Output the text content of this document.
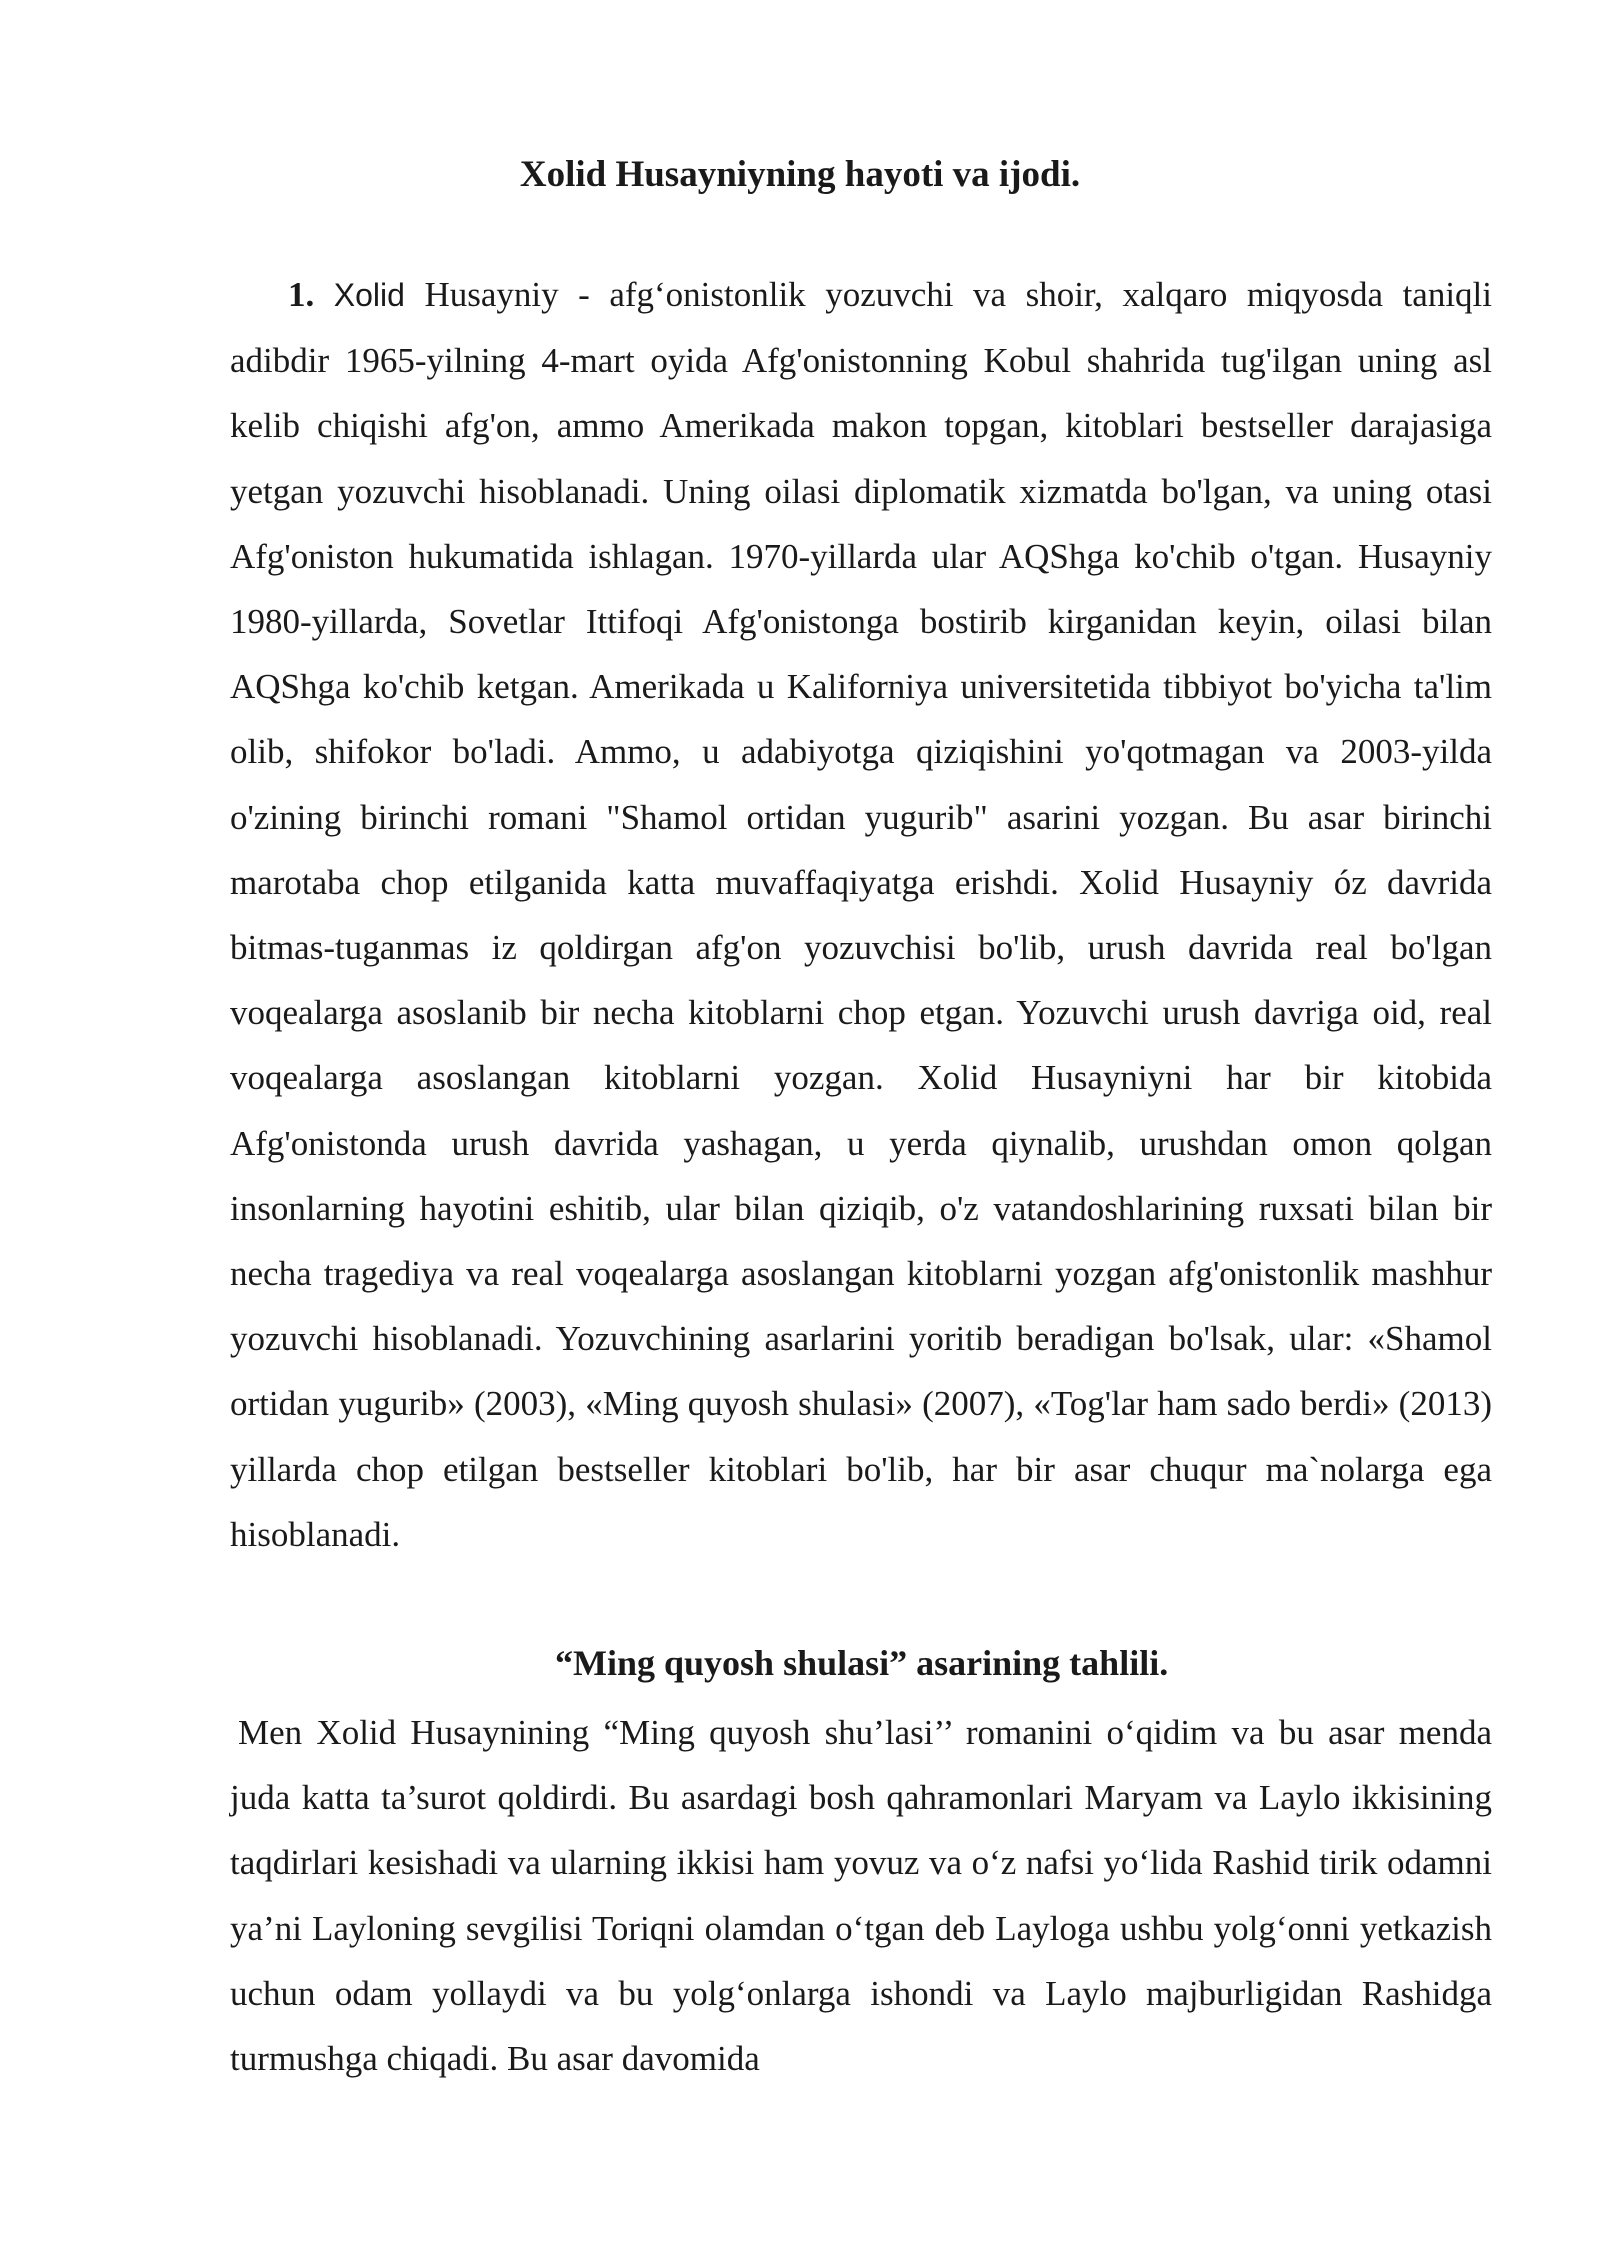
Xolid Husayniyning hayoti va ijodi.

1. Xolid Husayniy - afg‘onistonlik yozuvchi va shoir, xalqaro miqyosda taniqli adibdir 1965-yilning 4-mart oyida Afg'onistonning Kobul shahrida tug'ilgan uning asl kelib chiqishi afg'on, ammo Amerikada makon topgan, kitoblari bestseller darajasiga yetgan yozuvchi hisoblanadi. Uning oilasi diplomatik xizmatda bo'lgan, va uning otasi Afg'oniston hukumatida ishlagan. 1970-yillarda ular AQShga ko'chib o'tgan. Husayniy 1980-yillarda, Sovetlar Ittifoqi Afg'onistonga bostirib kirganidan keyin, oilasi bilan AQShga ko'chib ketgan. Amerikada u Kaliforniya universitetida tibbiyot bo'yicha ta'lim olib, shifokor bo'ladi. Ammo, u adabiyotga qiziqishini yo'qotmagan va 2003-yilda o'zining birinchi romani "Shamol ortidan yugurib" asarini yozgan. Bu asar birinchi marotaba chop etilganida katta muvaffaqiyatga erishdi. Xolid Husayniy óz davrida bitmas-tuganmas iz qoldirgan afg'on yozuvchisi bo'lib, urush davrida real bo'lgan voqealarga asoslanib bir necha kitoblarni chop etgan. Yozuvchi urush davriga oid, real voqealarga asoslangan kitoblarni yozgan. Xolid Husayniyni har bir kitobida Afg'onistonda urush davrida yashagan, u yerda qiynalib, urushdan omon qolgan insonlarning hayotini eshitib, ular bilan qiziqib, o'z vatandoshlarining ruxsati bilan bir necha tragediya va real voqealarga asoslangan kitoblarni yozgan afg'onistonlik mashhur yozuvchi hisoblanadi. Yozuvchining asarlarini yoritib beradigan bo'lsak, ular: «Shamol ortidan yugurib» (2003), «Ming quyosh shulasi» (2007), «Tog'lar ham sado berdi» (2013) yillarda chop etilgan bestseller kitoblari bo'lib, har bir asar chuqur ma`nolarga ega hisoblanadi.

“Ming quyosh shulasi” asarining tahlili.

Men Xolid Husaynining “Ming quyosh shu’lasi’’ romanini o‘qidim va bu asar menda juda katta ta’surot qoldirdi. Bu asardagi bosh qahramonlari Maryam va Laylo ikkisining taqdirlari kesishadi va ularning ikkisi ham yovuz va o‘z nafsi yo‘lida Rashid tirik odamni ya’ni Layloning sevgilisi Toriqni olamdan o‘tgan deb Layloga ushbu yolg‘onni yetkazish uchun odam yollaydi va bu yolg‘onlarga ishondi va Laylo majburligidan Rashidga turmushga chiqadi. Bu asar davomida
